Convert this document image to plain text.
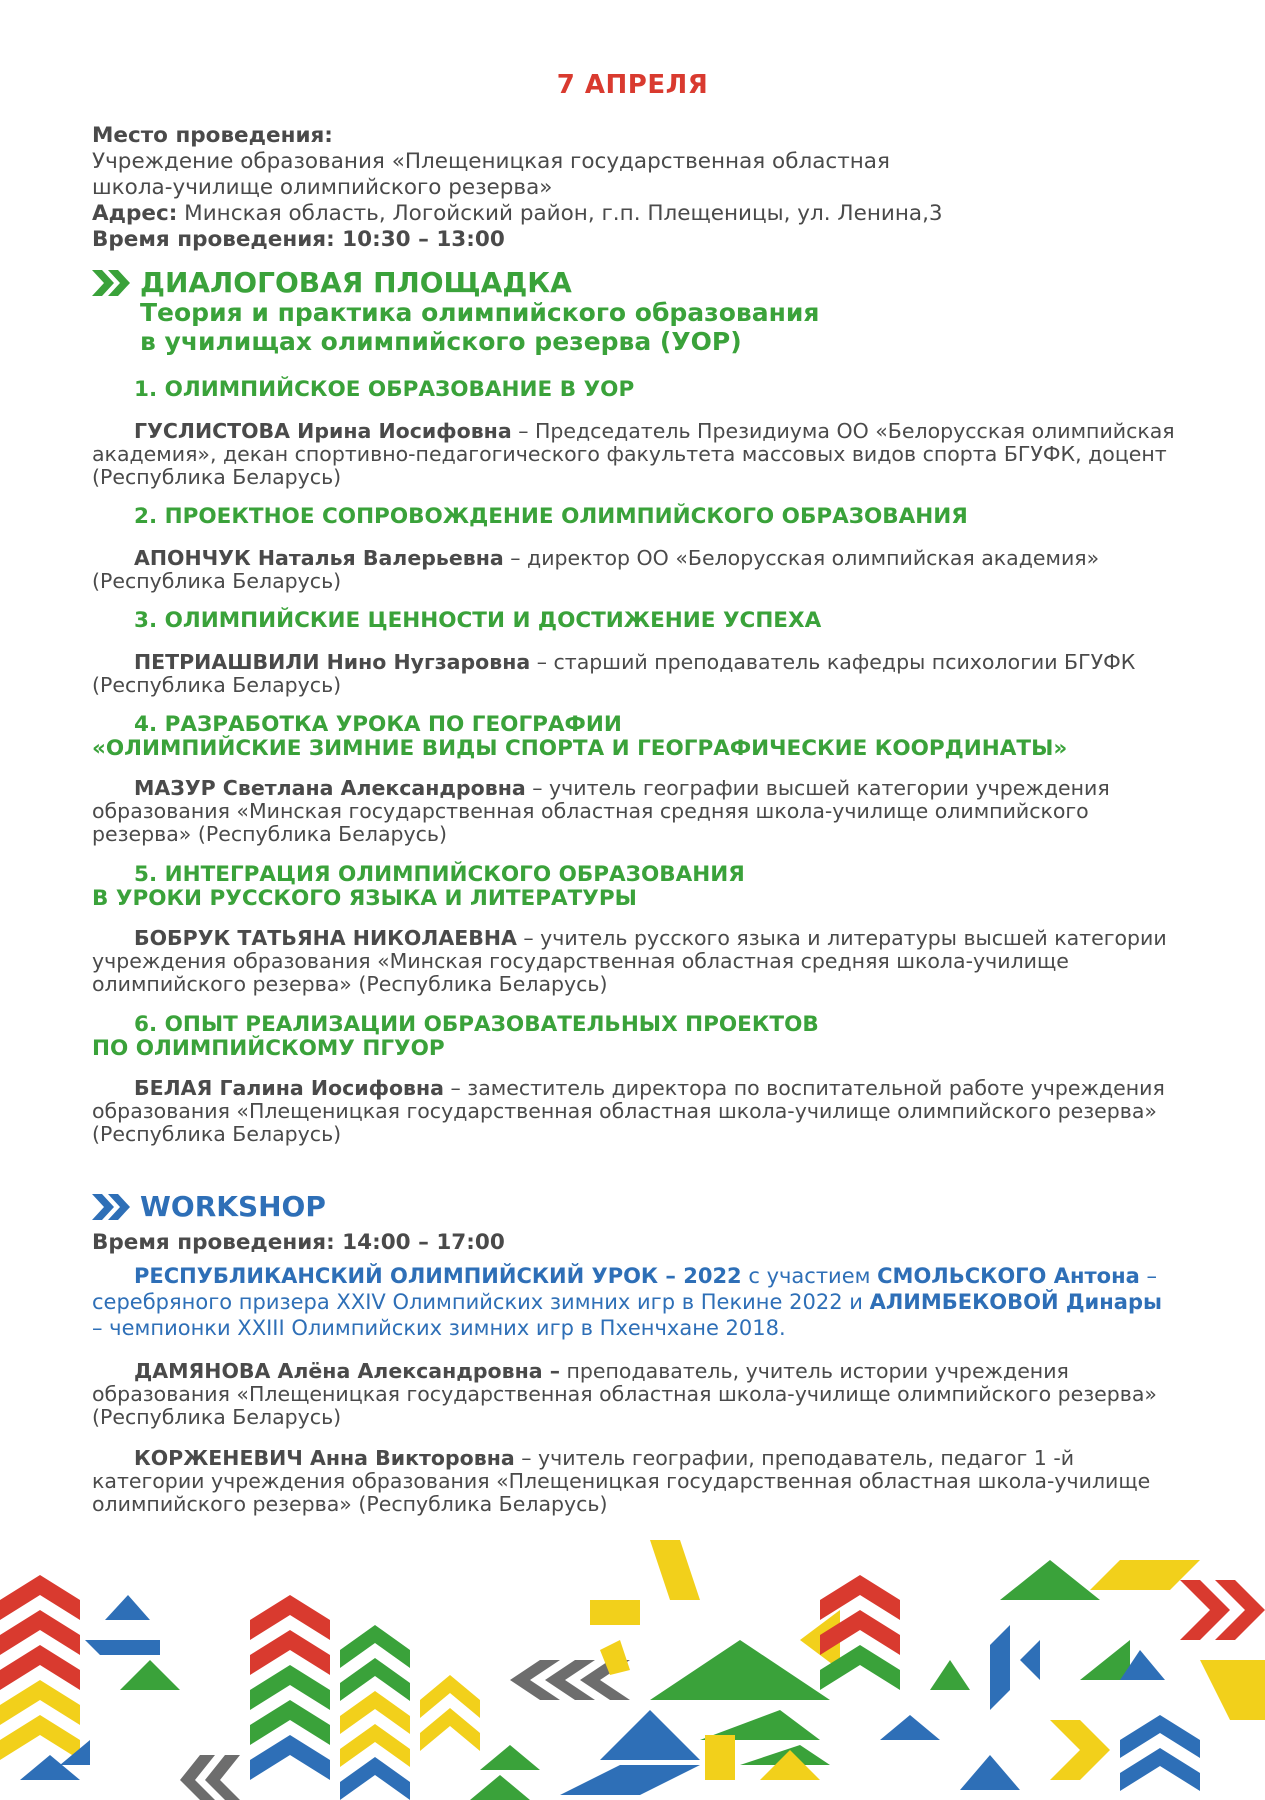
7 АПРЕЛЯ
Место проведения:
Учреждение образования «Плещеницкая государственная областная
школа-училище олимпийского резерва»
Адрес: Минская область, Логойский район, г.п. Плещеницы, ул. Ленина,3
Время проведения: 10:30 – 13:00
ДИАЛОГОВАЯ ПЛОЩАДКА
Теория и практика олимпийского образования
в училищах олимпийского резерва (УОР)
1. ОЛИМПИЙСКОЕ ОБРАЗОВАНИЕ В УОР
ГУСЛИСТОВА Ирина Иосифовна – Председатель Президиума ОО «Белорусская олимпийская академия», декан спортивно-педагогического факультета массовых видов спорта БГУФК, доцент (Республика Беларусь)
2. ПРОЕКТНОЕ СОПРОВОЖДЕНИЕ ОЛИМПИЙСКОГО ОБРАЗОВАНИЯ
АПОНЧУК Наталья Валерьевна – директор ОО «Белорусская олимпийская академия» (Республика Беларусь)
3. ОЛИМПИЙСКИЕ ЦЕННОСТИ И ДОСТИЖЕНИЕ УСПЕХА
ПЕТРИАШВИЛИ Нино Нугзаровна – старший преподаватель кафедры психологии БГУФК (Республика Беларусь)
4. РАЗРАБОТКА УРОКА ПО ГЕОГРАФИИ
«ОЛИМПИЙСКИЕ ЗИМНИЕ ВИДЫ СПОРТА И ГЕОГРАФИЧЕСКИЕ КООРДИНАТЫ»
МАЗУР Светлана Александровна – учитель географии высшей категории учреждения образования «Минская государственная областная средняя школа-училище олимпийского резерва» (Республика Беларусь)
5. ИНТЕГРАЦИЯ ОЛИМПИЙСКОГО ОБРАЗОВАНИЯ
В УРОКИ РУССКОГО ЯЗЫКА И ЛИТЕРАТУРЫ
БОБРУК ТАТЬЯНА НИКОЛАЕВНА – учитель русского языка и литературы высшей категории учреждения образования «Минская государственная областная средняя школа-училище олимпийского резерва» (Республика Беларусь)
6. ОПЫТ РЕАЛИЗАЦИИ ОБРАЗОВАТЕЛЬНЫХ ПРОЕКТОВ
ПО ОЛИМПИЙСКОМУ ПГУОР
БЕЛАЯ Галина Иосифовна – заместитель директора по воспитательной работе учреждения образования «Плещеницкая государственная областная школа-училище олимпийского резерва» (Республика Беларусь)
WORKSHOP
Время проведения: 14:00 – 17:00
РЕСПУБЛИКАНСКИЙ ОЛИМПИЙСКИЙ УРОК – 2022 с участием СМОЛЬСКОГО Антона – серебряного призера XXIV Олимпийских зимних игр в Пекине 2022 и АЛИМБЕКОВОЙ Динары – чемпионки XXIII Олимпийских зимних игр в Пхенчхане 2018.
ДАМЯНОВА Алёна Александровна – преподаватель, учитель истории учреждения образования «Плещеницкая государственная областная школа-училище олимпийского резерва» (Республика Беларусь)
КОРЖЕНЕВИЧ Анна Викторовна – учитель географии, преподаватель, педагог 1 -й категории учреждения образования «Плещеницкая государственная областная школа-училище олимпийского резерва» (Республика Беларусь)
